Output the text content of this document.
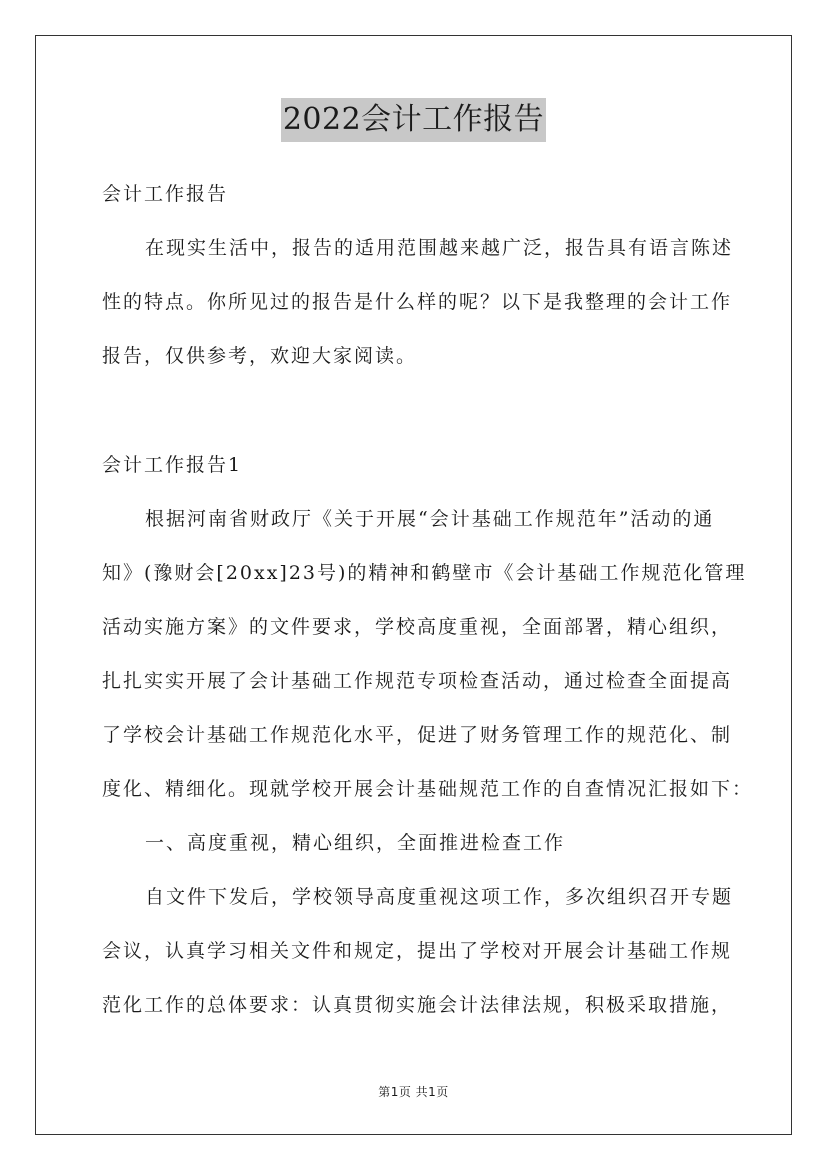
2022会计工作报告
会计工作报告
在现实生活中，报告的适用范围越来越广泛，报告具有语言陈述
性的特点。你所见过的报告是什么样的呢？以下是我整理的会计工作
报告，仅供参考，欢迎大家阅读。
会计工作报告1
根据河南省财政厅《关于开展“会计基础工作规范年”活动的通
知》(豫财会[20xx]23号)的精神和鹤壁市《会计基础工作规范化管理
活动实施方案》的文件要求，学校高度重视，全面部署，精心组织，
扎扎实实开展了会计基础工作规范专项检查活动，通过检查全面提高
了学校会计基础工作规范化水平，促进了财务管理工作的规范化、制
度化、精细化。现就学校开展会计基础规范工作的自查情况汇报如下：
一、高度重视，精心组织，全面推进检查工作
自文件下发后，学校领导高度重视这项工作，多次组织召开专题
会议，认真学习相关文件和规定，提出了学校对开展会计基础工作规
范化工作的总体要求：认真贯彻实施会计法律法规，积极采取措施，
第1页 共1页
